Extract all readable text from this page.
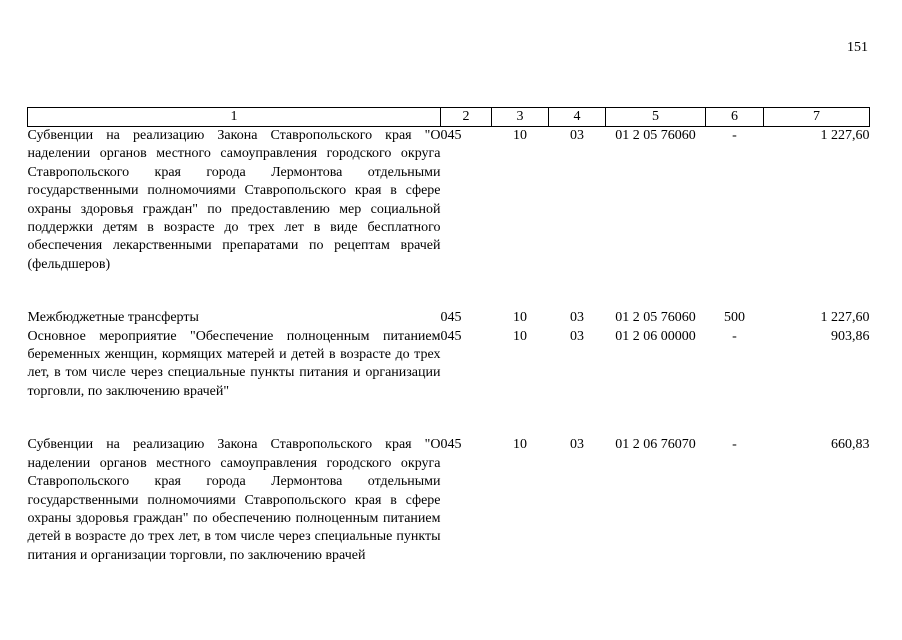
151
1	2	3	4	5	6	7
Субвенции на реализацию Закона Ставропольского края "О наделении органов местного самоуправления городского округа Ставропольского края города Лермонтова отдельными государственными полномочиями Ставропольского края в сфере охраны здоровья граждан" по предоставлению мер социальной поддержки детям в возрасте до трех лет в виде бесплатного обеспечения лекарственными препаратами по рецептам врачей (фельдшеров)	045	10	03	01 2 05 76060	-	1 227,60

Межбюджетные трансферты	045	10	03	01 2 05 76060	500	1 227,60
Основное мероприятие "Обеспечение полноценным питанием беременных женщин, кормящих матерей и детей в возрасте до трех лет, в том числе через специальные пункты питания и организации торговли, по заключению врачей"	045	10	03	01 2 06 00000	-	903,86

Субвенции на реализацию Закона Ставропольского края "О наделении органов местного самоуправления городского округа Ставропольского края города Лермонтова отдельными государственными полномочиями Ставропольского края в сфере охраны здоровья граждан" по обеспечению полноценным питанием детей в возрасте до трех лет, в том числе через специальные пункты питания и организации торговли, по заключению врачей	045	10	03	01 2 06 76070	-	660,83
